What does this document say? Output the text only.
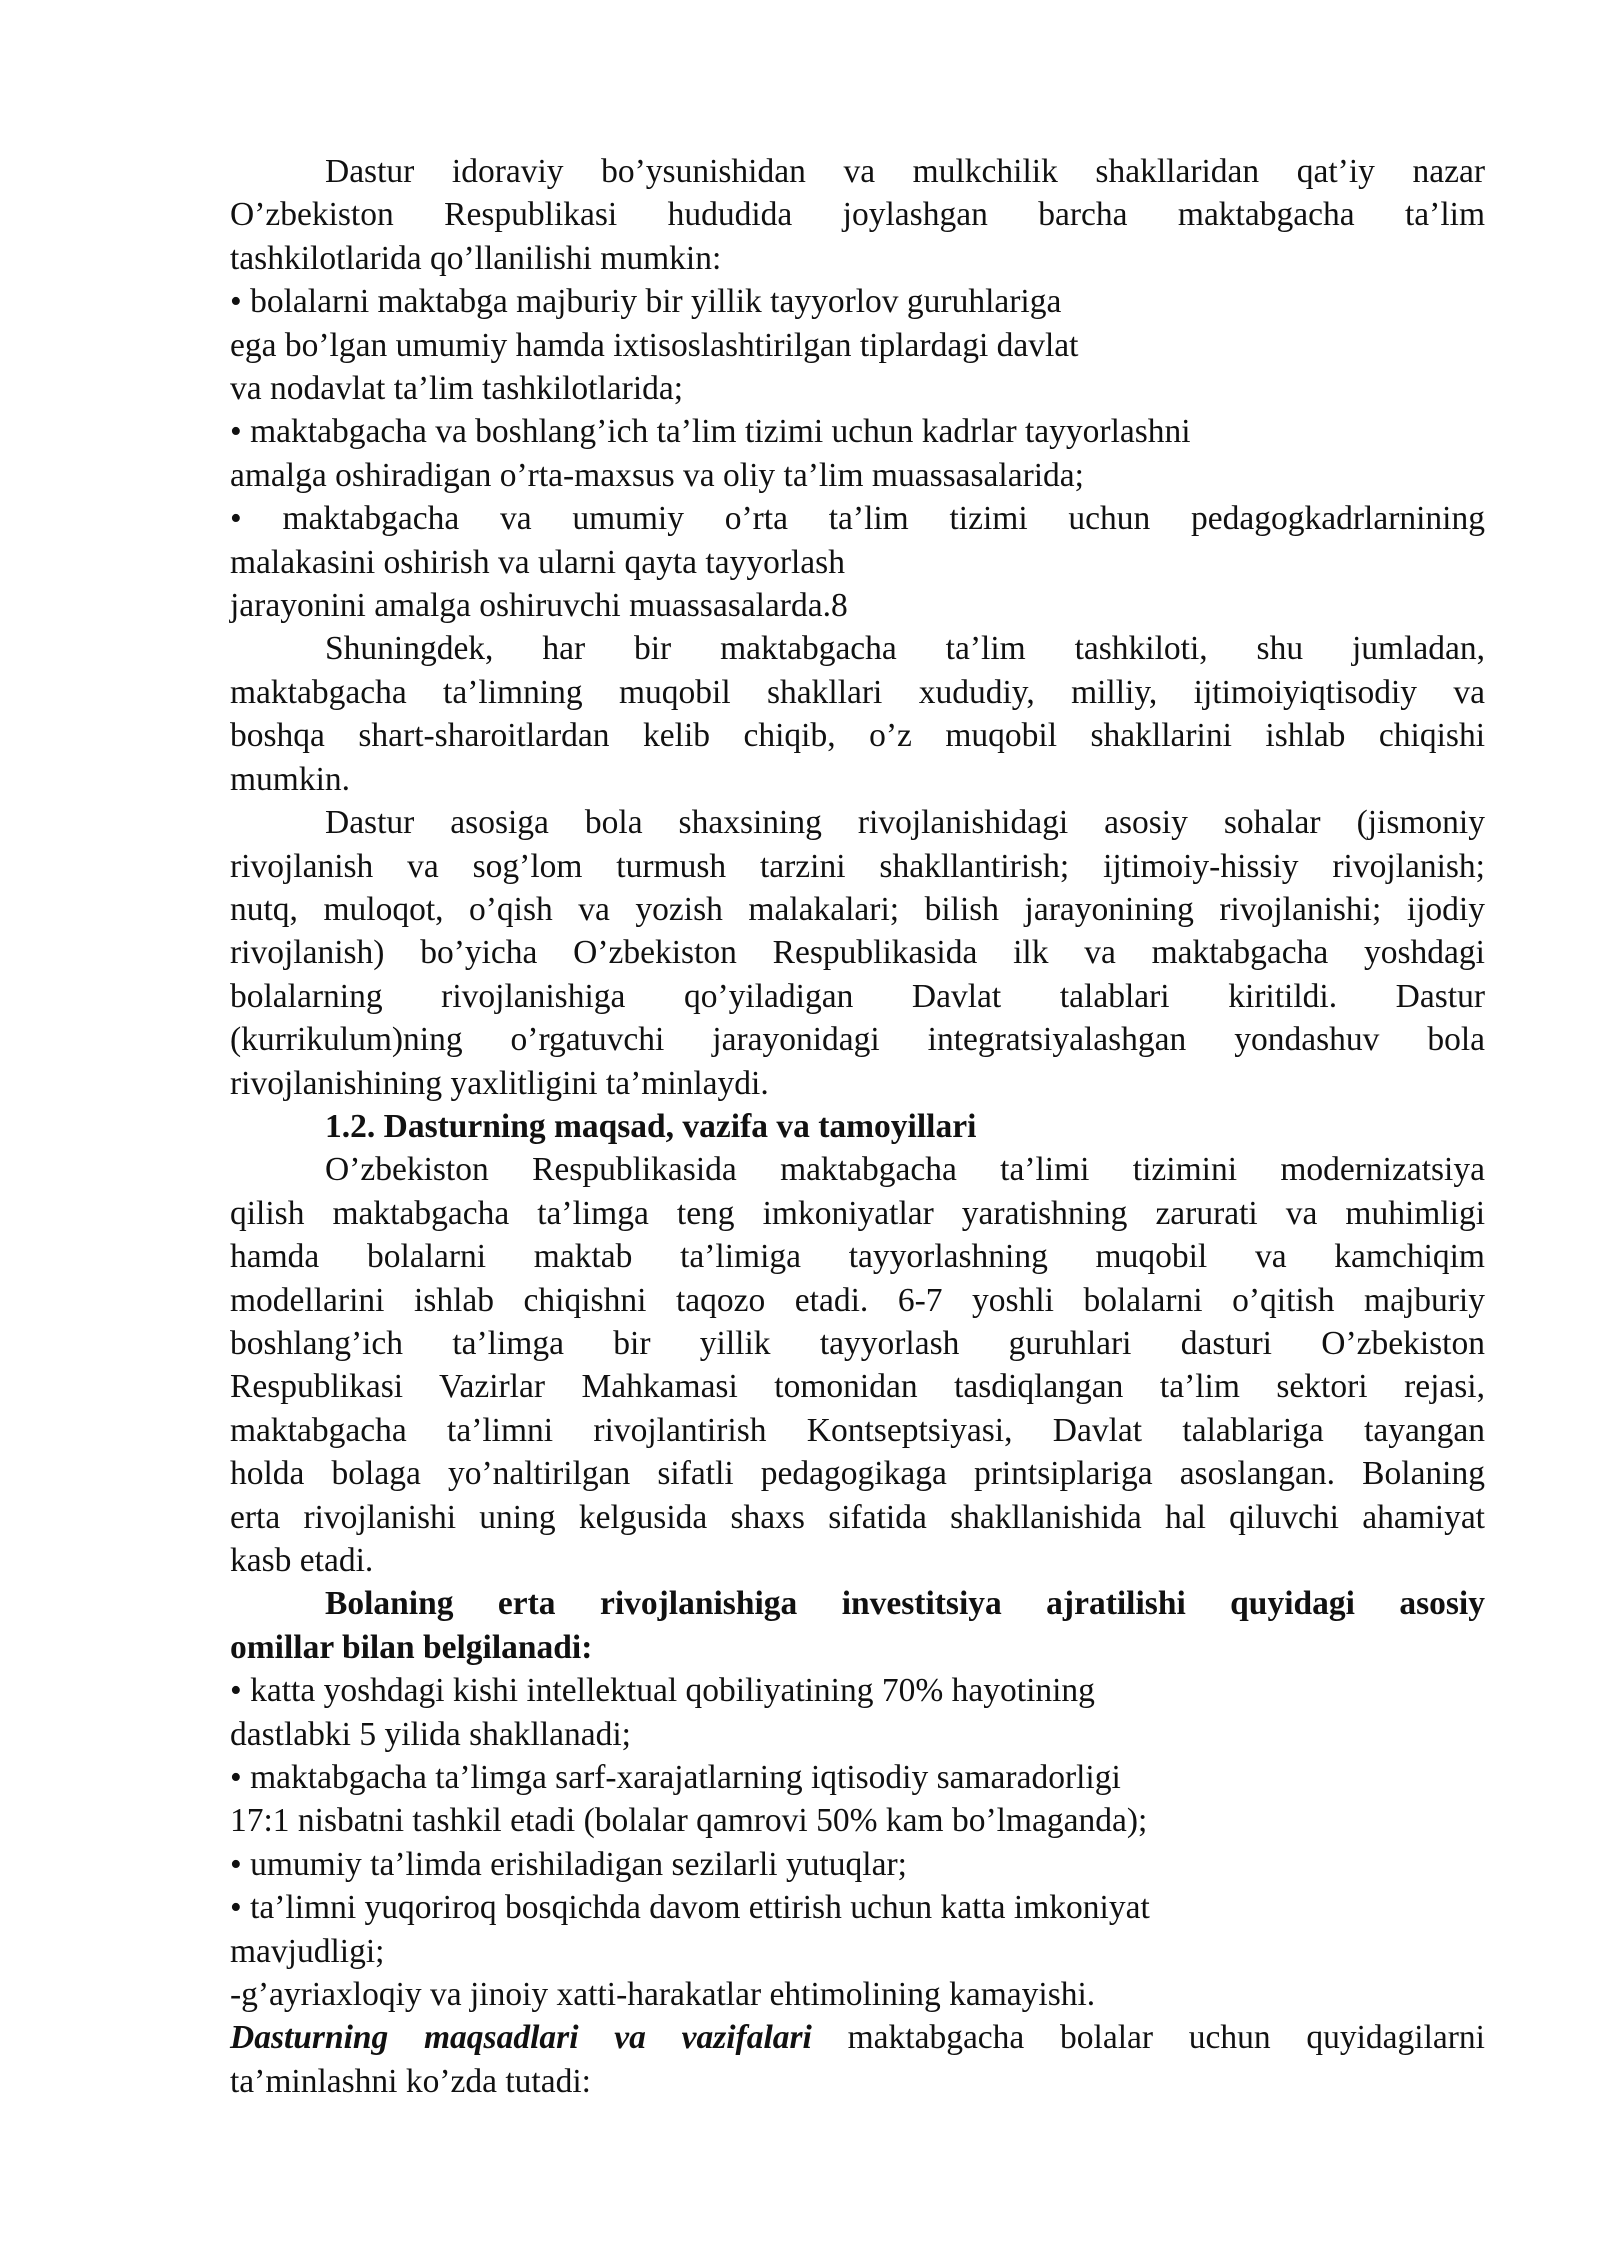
Dastur idoraviy bo’ysunishidan va mulkchilik shakllaridan qat’iy nazar
O’zbekiston Respublikasi hududida joylashgan barcha maktabgacha ta’lim
tashkilotlarida qo’llanilishi mumkin:
• bolalarni maktabga majburiy bir yillik tayyorlov guruhlariga
ega bo’lgan umumiy hamda ixtisoslashtirilgan tiplardagi davlat
va nodavlat ta’lim tashkilotlarida;
• maktabgacha va boshlang’ich ta’lim tizimi uchun kadrlar tayyorlashni
amalga oshiradigan o’rta-maxsus va oliy ta’lim muassasalarida;
• maktabgacha va umumiy o’rta ta’lim tizimi uchun pedagogkadrlarnining
malakasini oshirish va ularni qayta tayyorlash
jarayonini amalga oshiruvchi muassasalarda.8
Shuningdek, har bir maktabgacha ta’lim tashkiloti, shu jumladan,
maktabgacha ta’limning muqobil shakllari xududiy, milliy, ijtimoiyiqtisodiy va
boshqa shart-sharoitlardan kelib chiqib, o’z muqobil shakllarini ishlab chiqishi
mumkin.
Dastur asosiga bola shaxsining rivojlanishidagi asosiy sohalar (jismoniy
rivojlanish va sog’lom turmush tarzini shakllantirish; ijtimoiy-hissiy rivojlanish;
nutq, muloqot, o’qish va yozish malakalari; bilish jarayonining rivojlanishi; ijodiy
rivojlanish) bo’yicha O’zbekiston Respublikasida ilk va maktabgacha yoshdagi
bolalarning rivojlanishiga qo’yiladigan Davlat talablari kiritildi. Dastur
(kurrikulum)ning o’rgatuvchi jarayonidagi integratsiyalashgan yondashuv bola
rivojlanishining yaxlitligini ta’minlaydi.
1.2. Dasturning maqsad, vazifa va tamoyillari
O’zbekiston Respublikasida maktabgacha ta’limi tizimini modernizatsiya
qilish maktabgacha ta’limga teng imkoniyatlar yaratishning zarurati va muhimligi
hamda bolalarni maktab ta’limiga tayyorlashning muqobil va kamchiqim
modellarini ishlab chiqishni taqozo etadi. 6-7 yoshli bolalarni o’qitish majburiy
boshlang’ich ta’limga bir yillik tayyorlash guruhlari dasturi O’zbekiston
Respublikasi Vazirlar Mahkamasi tomonidan tasdiqlangan ta’lim sektori rejasi,
maktabgacha ta’limni rivojlantirish Kontseptsiyasi, Davlat talablariga tayangan
holda bolaga yo’naltirilgan sifatli pedagogikaga printsiplariga asoslangan. Bolaning
erta rivojlanishi uning kelgusida shaxs sifatida shakllanishida hal qiluvchi ahamiyat
kasb etadi.
Bolaning erta rivojlanishiga investitsiya ajratilishi quyidagi asosiy
omillar bilan belgilanadi:
• katta yoshdagi kishi intellektual qobiliyatining 70% hayotining
dastlabki 5 yilida shakllanadi;
• maktabgacha ta’limga sarf-xarajatlarning iqtisodiy samaradorligi
17:1 nisbatni tashkil etadi (bolalar qamrovi 50% kam bo’lmaganda);
• umumiy ta’limda erishiladigan sezilarli yutuqlar;
• ta’limni yuqoriroq bosqichda davom ettirish uchun katta imkoniyat
mavjudligi;
-g’ayriaxloqiy va jinoiy xatti-harakatlar ehtimolining kamayishi.
Dasturning maqsadlari va vazifalari maktabgacha bolalar uchun quyidagilarni
ta’minlashni ko’zda tutadi:
